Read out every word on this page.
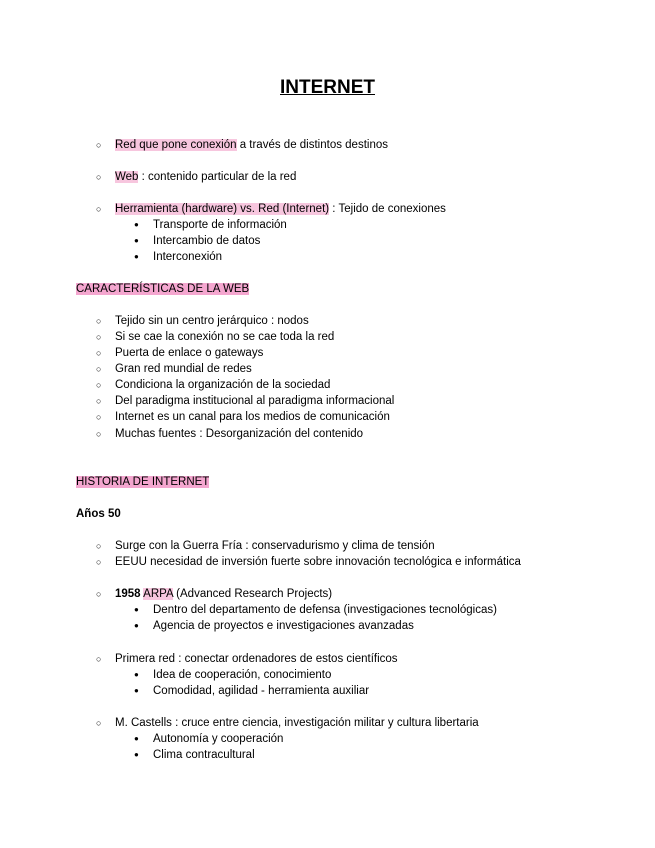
INTERNET
○ Red que pone conexión a través de distintos destinos
○ Web : contenido particular de la red
○ Herramienta (hardware) vs. Red (Internet) : Tejido de conexiones
● Transporte de información
● Intercambio de datos
● Interconexión
CARACTERÍSTICAS DE LA WEB
○ Tejido sin un centro jerárquico : nodos
○ Si se cae la conexión no se cae toda la red
○ Puerta de enlace o gateways
○ Gran red mundial de redes
○ Condiciona la organización de la sociedad
○ Del paradigma institucional al paradigma informacional
○ Internet es un canal para los medios de comunicación
○ Muchas fuentes : Desorganización del contenido
HISTORIA DE INTERNET
Años 50
○ Surge con la Guerra Fría : conservadurismo y clima de tensión
○ EEUU necesidad de inversión fuerte sobre innovación tecnológica e informática
○ 1958 ARPA (Advanced Research Projects)
● Dentro del departamento de defensa (investigaciones tecnológicas)
● Agencia de proyectos e investigaciones avanzadas
○ Primera red : conectar ordenadores de estos científicos
● Idea de cooperación, conocimiento
● Comodidad, agilidad - herramienta auxiliar
○ M. Castells : cruce entre ciencia, investigación militar y cultura libertaria
● Autonomía y cooperación
● Clima contracultural
